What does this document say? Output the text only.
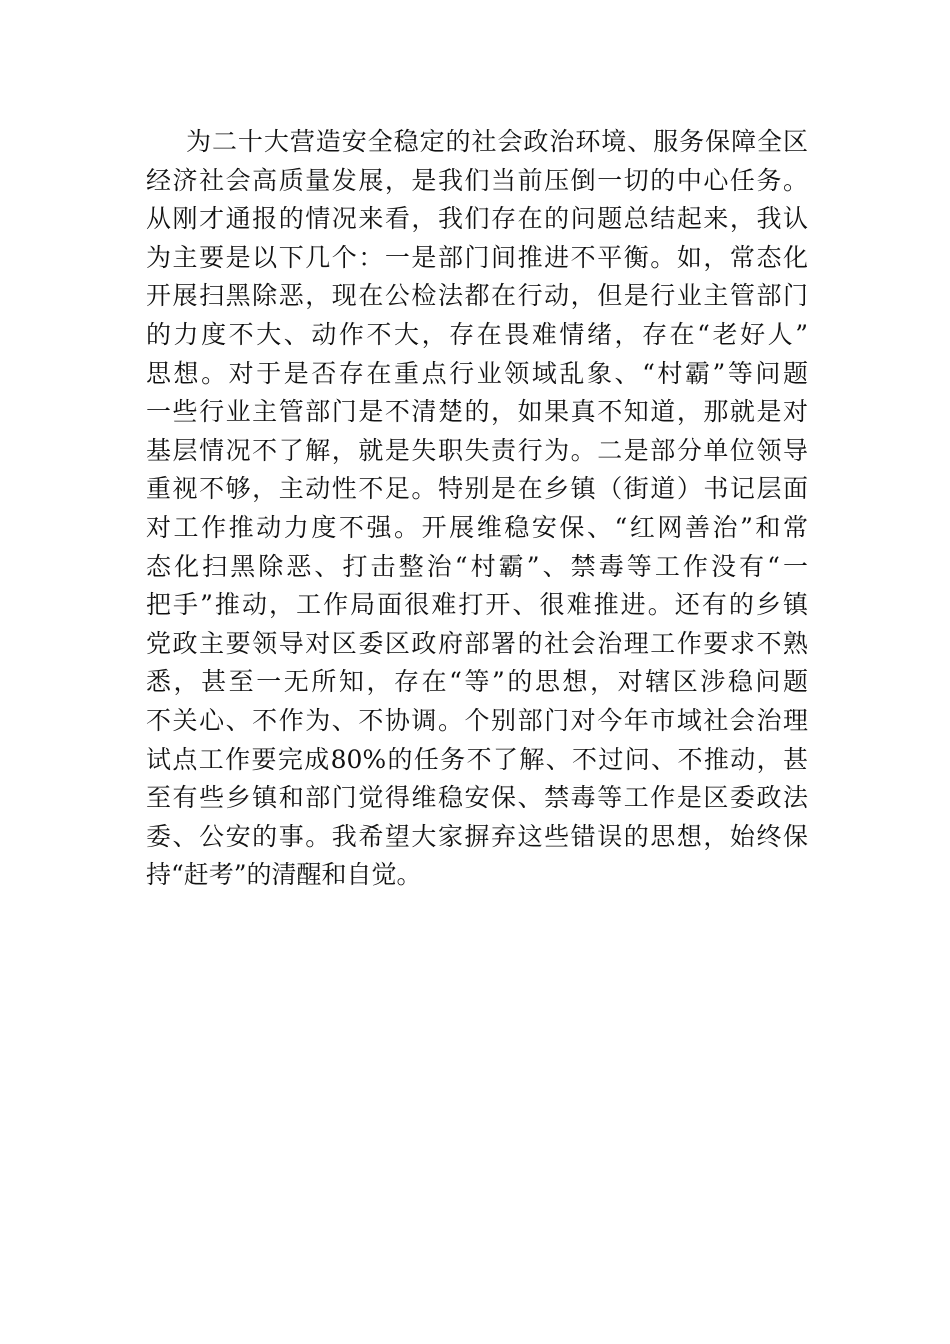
为二十大营造安全稳定的社会政治环境、服务保障全区
经济社会高质量发展，是我们当前压倒一切的中心任务。
从刚才通报的情况来看，我们存在的问题总结起来，我认
为主要是以下几个：一是部门间推进不平衡。如，常态化
开展扫黑除恶，现在公检法都在行动，但是行业主管部门
的力度不大、动作不大，存在畏难情绪，存在“老好人”
思想。对于是否存在重点行业领域乱象、“村霸”等问题
一些行业主管部门是不清楚的，如果真不知道，那就是对
基层情况不了解，就是失职失责行为。二是部分单位领导
重视不够，主动性不足。特别是在乡镇（街道）书记层面
对工作推动力度不强。开展维稳安保、“红网善治”和常
态化扫黑除恶、打击整治“村霸”、禁毒等工作没有“一
把手”推动，工作局面很难打开、很难推进。还有的乡镇
党政主要领导对区委区政府部署的社会治理工作要求不熟
悉，甚至一无所知，存在“等”的思想，对辖区涉稳问题
不关心、不作为、不协调。个别部门对今年市域社会治理
试点工作要完成80%的任务不了解、不过问、不推动，甚
至有些乡镇和部门觉得维稳安保、禁毒等工作是区委政法
委、公安的事。我希望大家摒弃这些错误的思想，始终保
持“赶考”的清醒和自觉。
